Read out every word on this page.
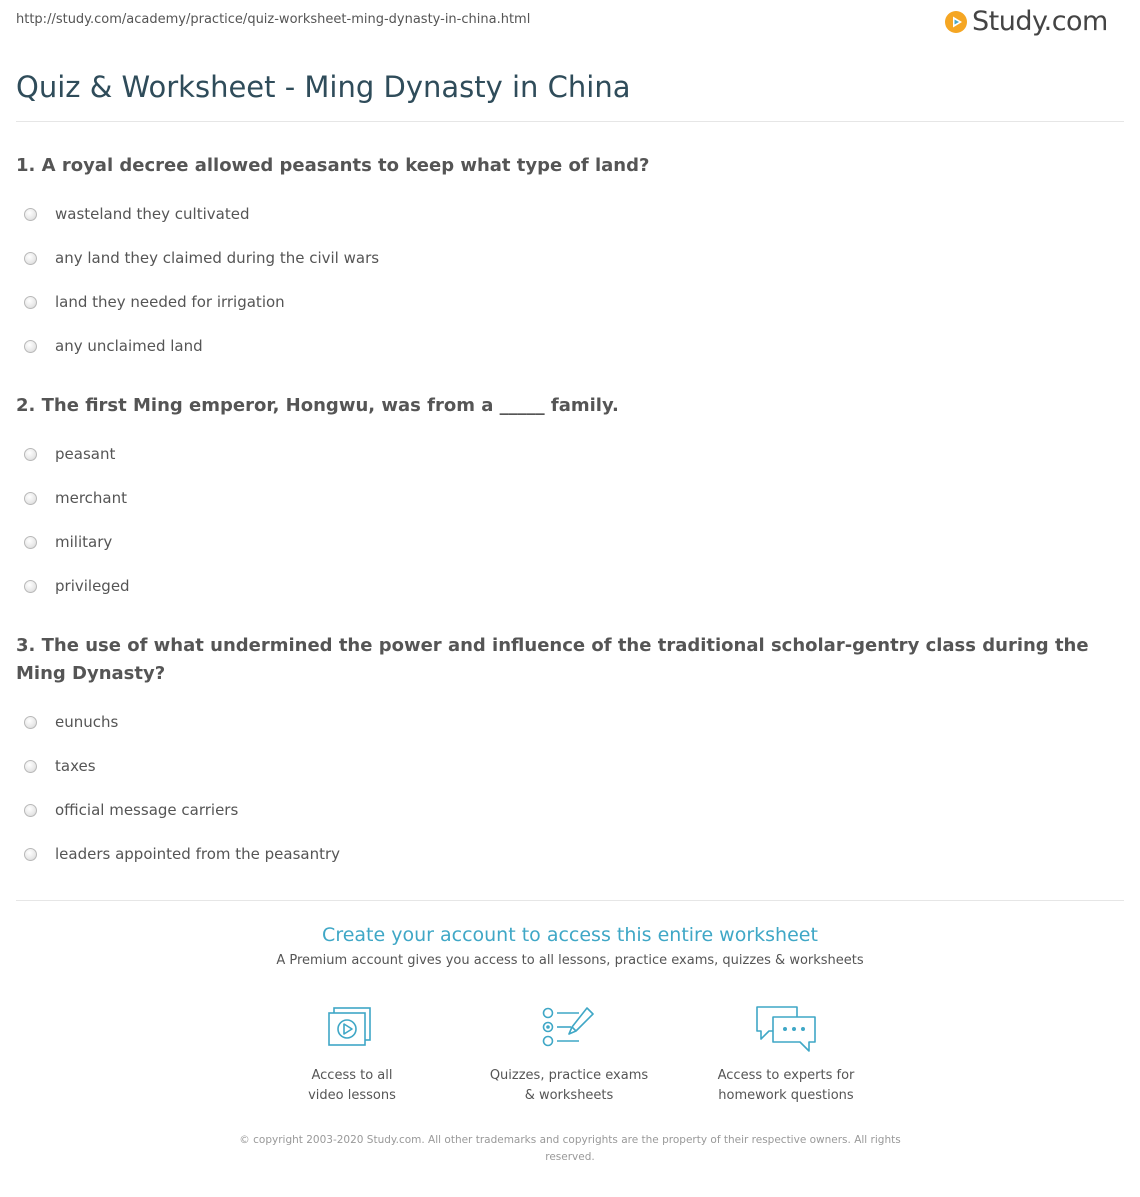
http://study.com/academy/practice/quiz-worksheet-ming-dynasty-in-china.html	Study.com
Quiz & Worksheet - Ming Dynasty in China
1. A royal decree allowed peasants to keep what type of land?
wasteland they cultivated
any land they claimed during the civil wars
land they needed for irrigation
any unclaimed land
2. The first Ming emperor, Hongwu, was from a _____ family.
peasant
merchant
military
privileged
3. The use of what undermined the power and influence of the traditional scholar-gentry class during the Ming Dynasty?
eunuchs
taxes
official message carriers
leaders appointed from the peasantry
Create your account to access this entire worksheet
A Premium account gives you access to all lessons, practice exams, quizzes & worksheets
Access to all
video lessons
Quizzes, practice exams
& worksheets
Access to experts for
homework questions
© copyright 2003-2020 Study.com. All other trademarks and copyrights are the property of their respective owners. All rights
reserved.
